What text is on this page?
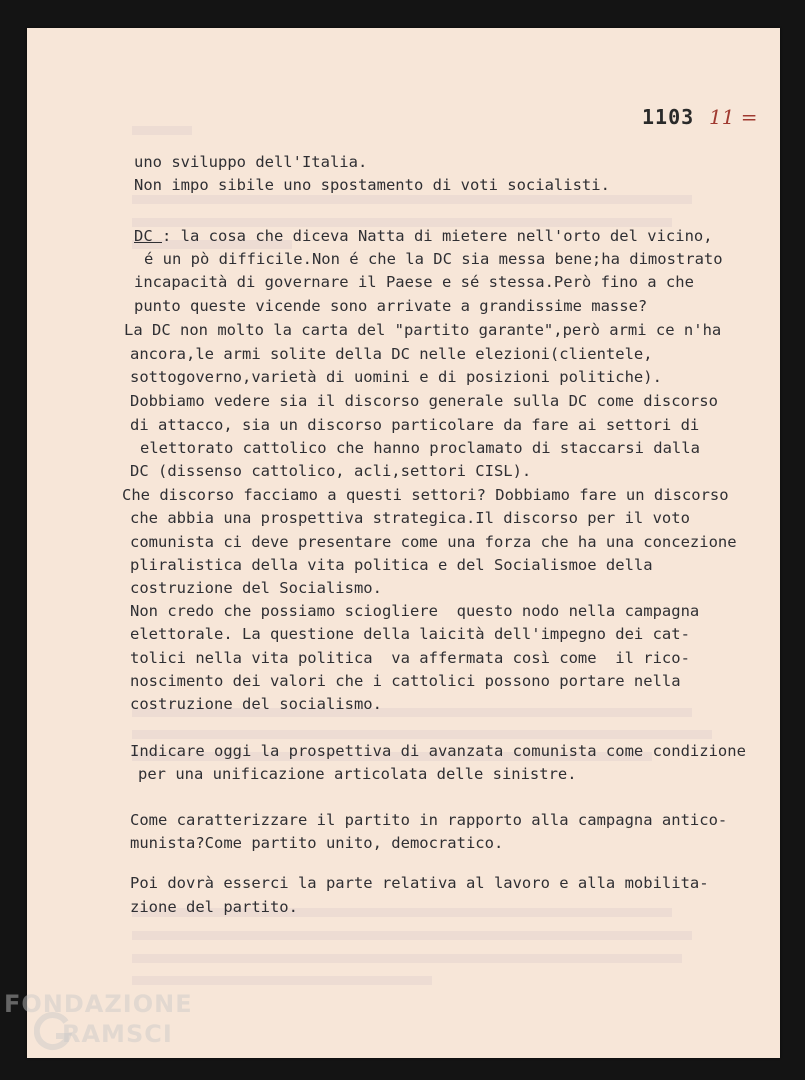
1103 11 =
uno sviluppo dell'Italia.
Non impo sibile uno spostamento di voti socialisti.
DC : la cosa che diceva Natta di mietere nell'orto del vicino,
é un pò difficile.Non é che la DC sia messa bene;ha dimostrato
incapacità di governare il Paese e sé stessa.Però fino a che
punto queste vicende sono arrivate a grandissime masse?
La DC non molto la carta del "partito garante",però armi ce n'ha
ancora,le armi solite della DC nelle elezioni(clientele,
sottogoverno,varietà di uomini e di posizioni politiche).
Dobbiamo vedere sia il discorso generale sulla DC come discorso
di attacco, sia un discorso particolare da fare ai settori di
elettorato cattolico che hanno proclamato di staccarsi dalla
DC (dissenso cattolico, acli,settori CISL).
Che discorso facciamo a questi settori? Dobbiamo fare un discorso
che abbia una prospettiva strategica.Il discorso per il voto
comunista ci deve presentare come una forza che ha una concezione
pliralistica della vita politica e del Socialismoe della
costruzione del Socialismo.
Non credo che possiamo sciogliere  questo nodo nella campagna
elettorale. La questione della laicità dell'impegno dei cat-
tolici nella vita politica  va affermata così come  il rico-
noscimento dei valori che i cattolici possono portare nella
costruzione del socialismo.
Indicare oggi la prospettiva di avanzata comunista come condizione
per una unificazione articolata delle sinistre.
Come caratterizzare il partito in rapporto alla campagna antico-
munista?Come partito unito, democratico.
Poi dovrà esserci la parte relativa al lavoro e alla mobilita-
zione del partito.
FONDAZIONE
RAMSCI
